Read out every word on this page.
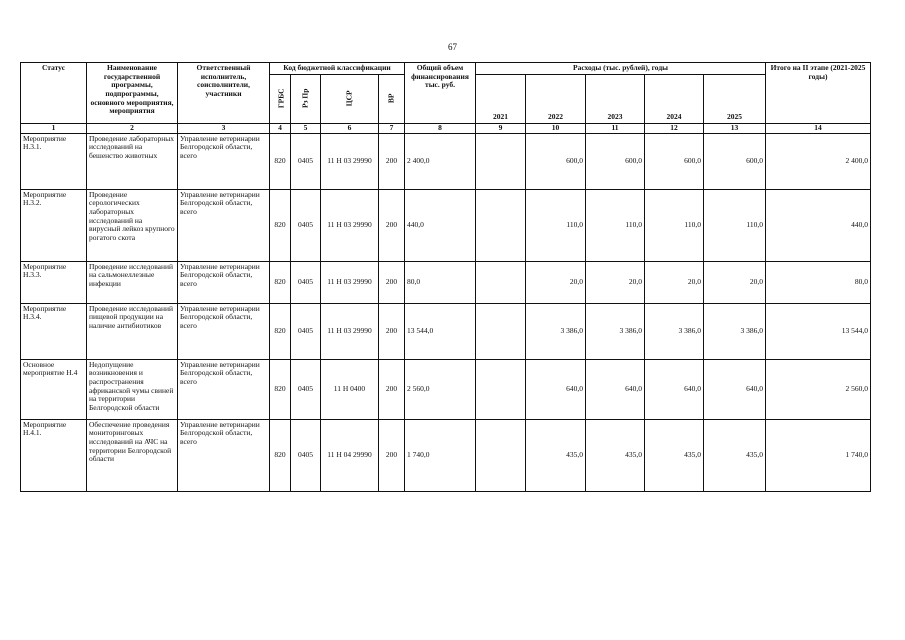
67
Статус	Наименование государственной программы, подпрограммы, основного мероприятия, мероприятия	Ответственный исполнитель, соисполнители, участники	Код бюджетной классификации				Общий объем финансирования тыс. руб.	Расходы (тыс. рублей), годы					Итого на II этапе (2021-2025 годы)
			ГРБС	Рз Пр	ЦСР	ВР		2021	2022	2023	2024	2025	
1	2	3	4	5	6	7	8	9	10	11	12	13	14
Мероприятие Н.3.1.	Проведение лабораторных исследований на бешенство животных	Управление ветеринарии Белгородской области, всего	820	0405	11 Н 03 29990	200	2 400,0		600,0	600,0	600,0	600,0	2 400,0
Мероприятие Н.3.2.	Проведение серологических лабораторных исследований на вирусный лейкоз крупного рогатого скота	Управление ветеринарии Белгородской области, всего	820	0405	11 Н 03 29990	200	440,0		110,0	110,0	110,0	110,0	440,0
Мероприятие Н.3.3.	Проведение исследований на сальмонеллезные инфекции	Управление ветеринарии Белгородской области, всего	820	0405	11 Н 03 29990	200	80,0		20,0	20,0	20,0	20,0	80,0
Мероприятие Н.3.4.	Проведение исследований пищевой продукции на наличие антибиотиков	Управление ветеринарии Белгородской области, всего	820	0405	11 Н 03 29990	200	13 544,0		3 386,0	3 386,0	3 386,0	3 386,0	13 544,0
Основное мероприятие Н.4	Недопущение возникновения и распространения африканской чумы свиней на территории Белгородской области	Управление ветеринарии Белгородской области, всего	820	0405	11 Н 0400	200	2 560,0		640,0	640,0	640,0	640,0	2 560,0
Мероприятие Н.4.1.	Обеспечение проведения мониторинговых исследований на АЧС на территории Белгородской области	Управление ветеринарии Белгородской области, всего	820	0405	11 Н 04 29990	200	1 740,0		435,0	435,0	435,0	435,0	1 740,0
